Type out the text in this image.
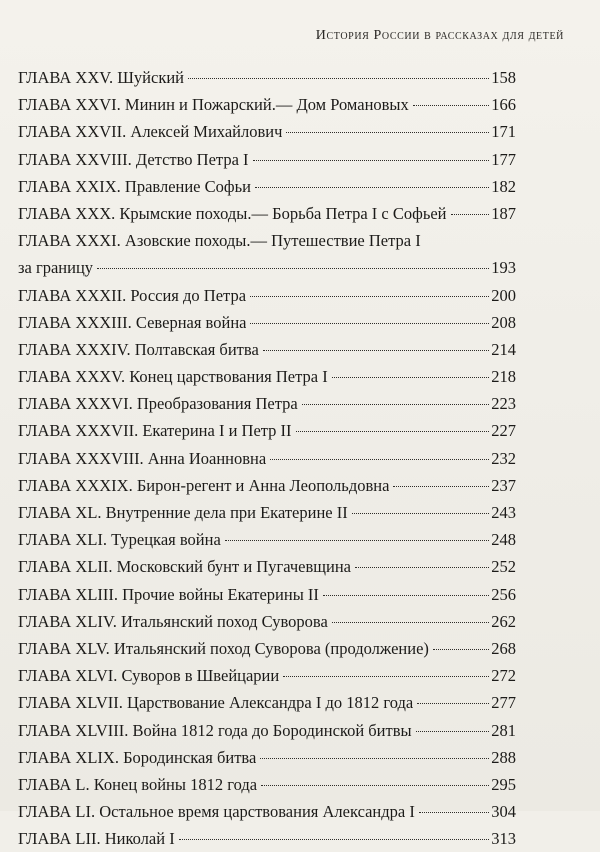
История России в рассказах для детей
ГЛАВА XXV. Шуйский	158
ГЛАВА XXVI. Минин и Пожарский.— Дом Романовых	166
ГЛАВА XXVII. Алексей Михайлович	171
ГЛАВА XXVIII. Детство Петра I	177
ГЛАВА XXIX. Правление Софьи	182
ГЛАВА XXX. Крымские походы.— Борьба Петра I с Софьей	187
ГЛАВА XXXI. Азовские походы.— Путешествие Петра I
за границу	193
ГЛАВА XXXII. Россия до Петра	200
ГЛАВА XXXIII. Северная война	208
ГЛАВА XXXIV. Полтавская битва	214
ГЛАВА XXXV. Конец царствования Петра I	218
ГЛАВА XXXVI. Преобразования Петра	223
ГЛАВА XXXVII. Екатерина I и Петр II	227
ГЛАВА XXXVIII. Анна Иоанновна	232
ГЛАВА XXXIX. Бирон-регент и Анна Леопольдовна	237
ГЛАВА XL. Внутренние дела при Екатерине II	243
ГЛАВА XLI. Турецкая война	248
ГЛАВА XLII. Московский бунт и Пугачевщина	252
ГЛАВА XLIII. Прочие войны Екатерины II	256
ГЛАВА XLIV. Итальянский поход Суворова	262
ГЛАВА XLV. Итальянский поход Суворова (продолжение)	268
ГЛАВА XLVI. Суворов в Швейцарии	272
ГЛАВА XLVII. Царствование Александра I до 1812 года	277
ГЛАВА XLVIII. Война 1812 года до Бородинской битвы	281
ГЛАВА XLIX. Бородинская битва	288
ГЛАВА L. Конец войны 1812 года	295
ГЛАВА LI. Остальное время царствования Александра I	304
ГЛАВА LII. Николай I	313
